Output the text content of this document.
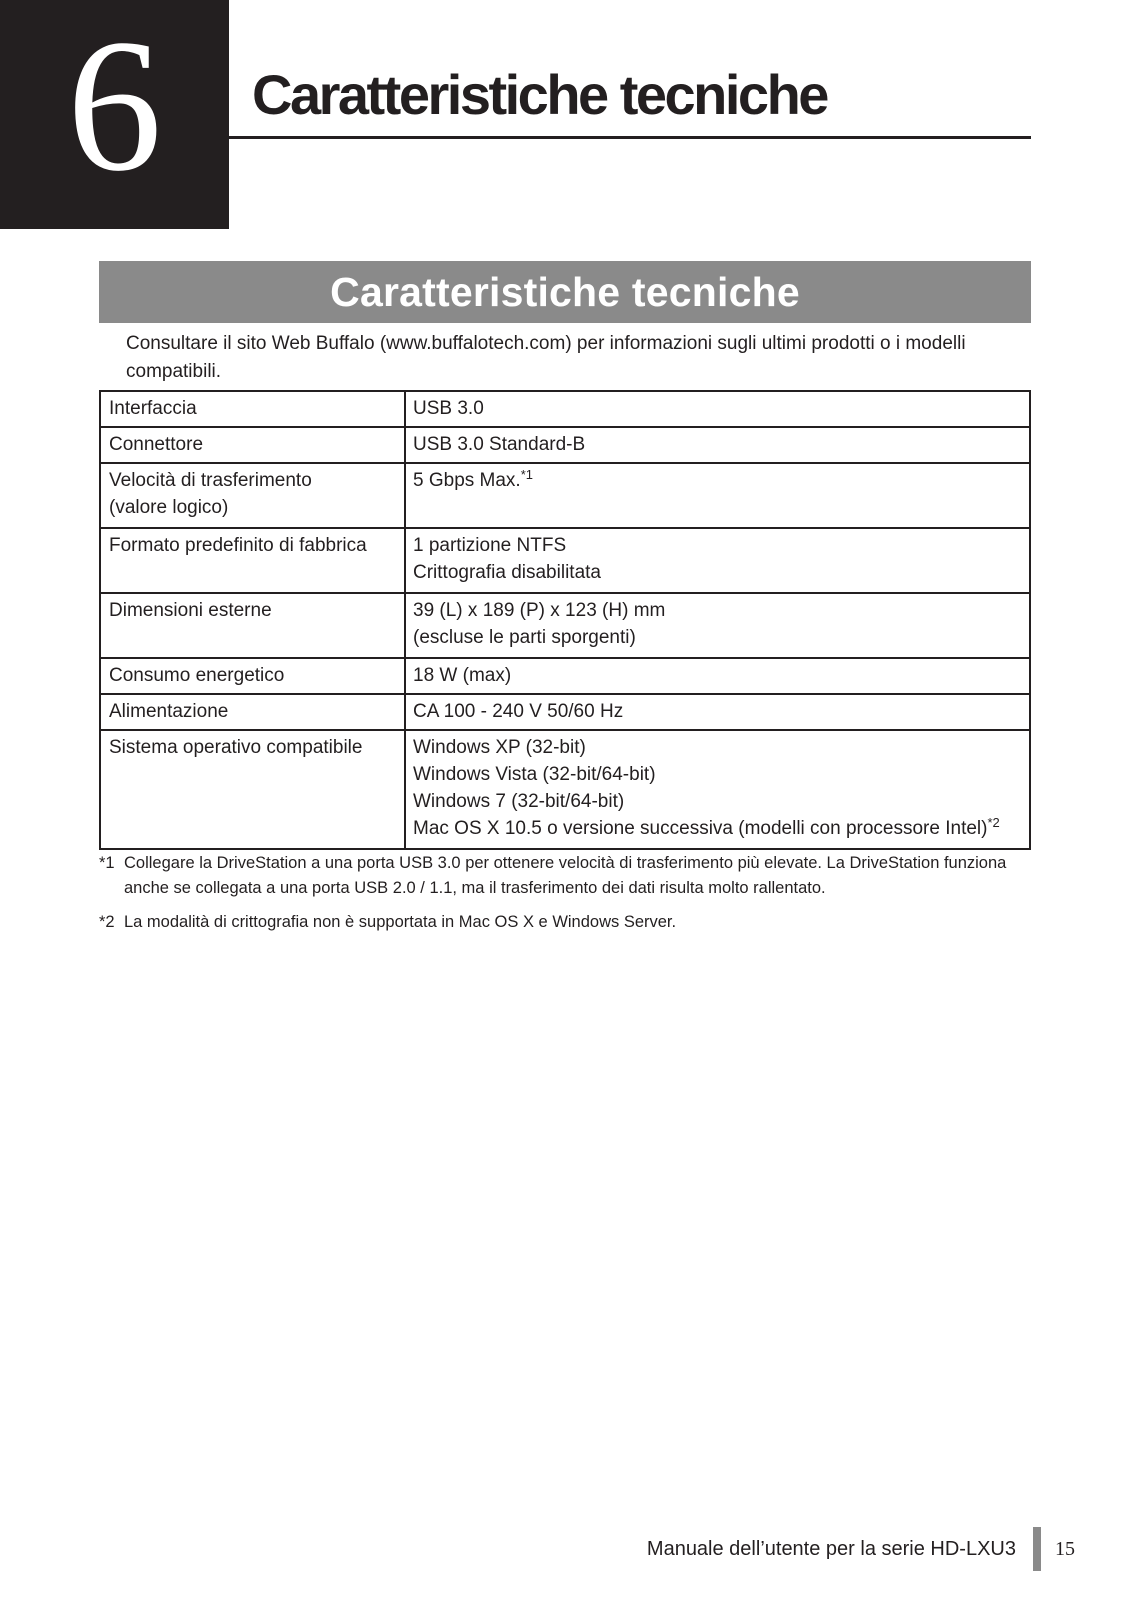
6	Caratteristiche tecniche
Caratteristiche tecniche

Consultare il sito Web Buffalo (www.buffalotech.com) per informazioni sugli ultimi prodotti o i modelli compatibili.

Interfaccia	USB 3.0

Connettore	USB 3.0 Standard-B

Velocità di trasferimento
(valore logico)	5 Gbps Max.$^{*1}$

Formato predefinito di fabbrica	1 partizione NTFS
Crittografia disabilitata

Dimensioni esterne	39 (L) x 189 (P) x 123 (H) mm
(escluse le parti sporgenti)

Consumo energetico	18 W (max)

Alimentazione	CA 100 - 240 V 50/60 Hz

Sistema operativo compatibile	Windows XP (32-bit)
Windows Vista (32-bit/64-bit)
Windows 7 (32-bit/64-bit)
Mac OS X 10.5 o versione successiva (modelli con processore Intel)$^{*2}$
*1 Collegare la DriveStation a una porta USB 3.0 per ottenere velocità di trasferimento più elevate. La DriveStation funziona anche se collegata a una porta USB 2.0 / 1.1, ma il trasferimento dei dati risulta molto rallentato.
*2 La modalità di crittografia non è supportata in Mac OS X e Windows Server.
Manuale dell’utente per la serie HD-LXU3 15
